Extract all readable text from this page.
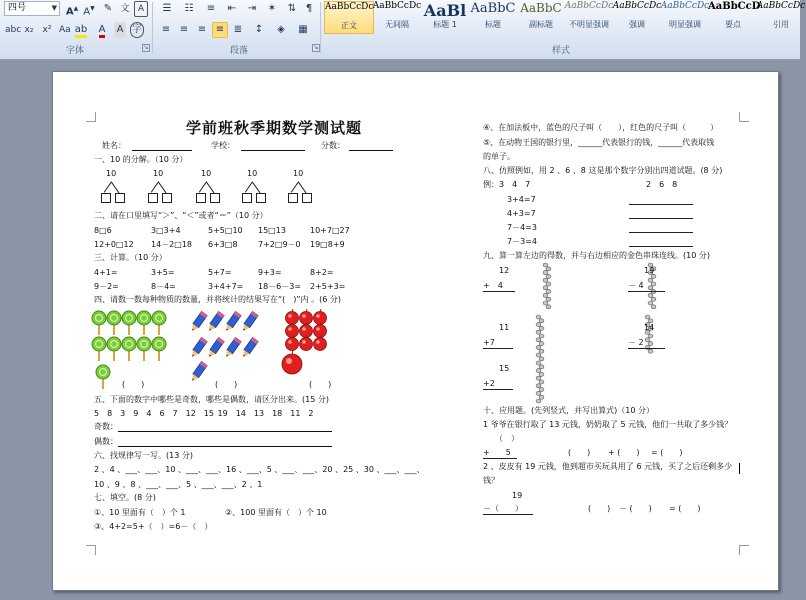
四号	▼ A▲ A▼ ✎ 文 A
abc x₂ x² Aa ab	A	A 字
字体	↘
☰	☷	≡	⇤	⇥	✶	⇅ ¶
≡ ≡ ≡ ≡ ≣	↕	◈	▦
段落	↘	样式
AaBbCcDc
正文
AaBbCcDc
无间隔
AaBl
标题 1
AaBbC
标题
AaBbC
副标题
AaBbCcDc
不明显强调
AaBbCcDc
强调
AaBbCcDc
明显强调
AaBbCcD
要点
AaBbCcDc
引用
学前班秋季期数学测试题
姓名：	学校：	分数：
一、10 的分解。（10 分）
二、请在口里填写“＞”、“＜”或者“＝”（10 分）
三、计算。（10 分）
四、请数一数每种物质的数量，并将统计的结果写在“(　)”内 。(6 分)
(　　)	(　　)	(　　)
五、下面的数字中哪些是奇数，哪些是偶数，请区分出来。(15 分)
5　8　3　9　4　6　7　12　15 19　14　13　18　11　2
奇数：
偶数：
六、找规律写一写。(13 分)
2 、4 、___、___、10 、___、___、16 、___、5 、___、___、20 、25 、30 、___、___、
10 、9 、8 、___、___、5 、___、___、2 、1
七、填空。(8 分)
①、10 里面有（　）个 1	②、100 里面有（　）个 10
③、4+2=5+（　）=6－（　）
④、在加法板中，蓝色的尺子叫（　　），红色的尺子叫（　　　）
⑤、在动物王国的银行里，______代表银行的钱，______代表取钱
的单子。
八、仿照例如，用 2 、6 、8 这是那个数字分别出四道试题。(8 分)
例：3　4　7	2　6　8
九、算一算左边的得数，并与右边相应的金色串珠连线。(10 分)
十、应用题。(先列竖式，并写出算式)（10 分）
1 爷爷在银行取了 13 元钱，奶奶取了 5 元钱，他们一共取了多少钱？
（　）
2 、皮皮有 19 元钱，他到超市买玩具用了 6 元钱，买了之后还剩多少
钱？
19
10	10	10	10	10
8□6	3□3+4	5+5□10 15□13	10+7□27
4+1=	3+5=	5+7=	9+3=	8+2=
12+0□12 14－2□18 6+3□8	7+2□9－0 19□8+9
9－2=	8－4=	3+4+7= 18－6－3= 2+5+3=
3+4=7
4+3=7
7－4=3
7－3=4
12
+　4
19
－ 4
11
+7
14
－ 2
15
+2
+　　5	(　　) + (　　) = (　　)
－（　　）	(　　) － (　　) = (　　)
